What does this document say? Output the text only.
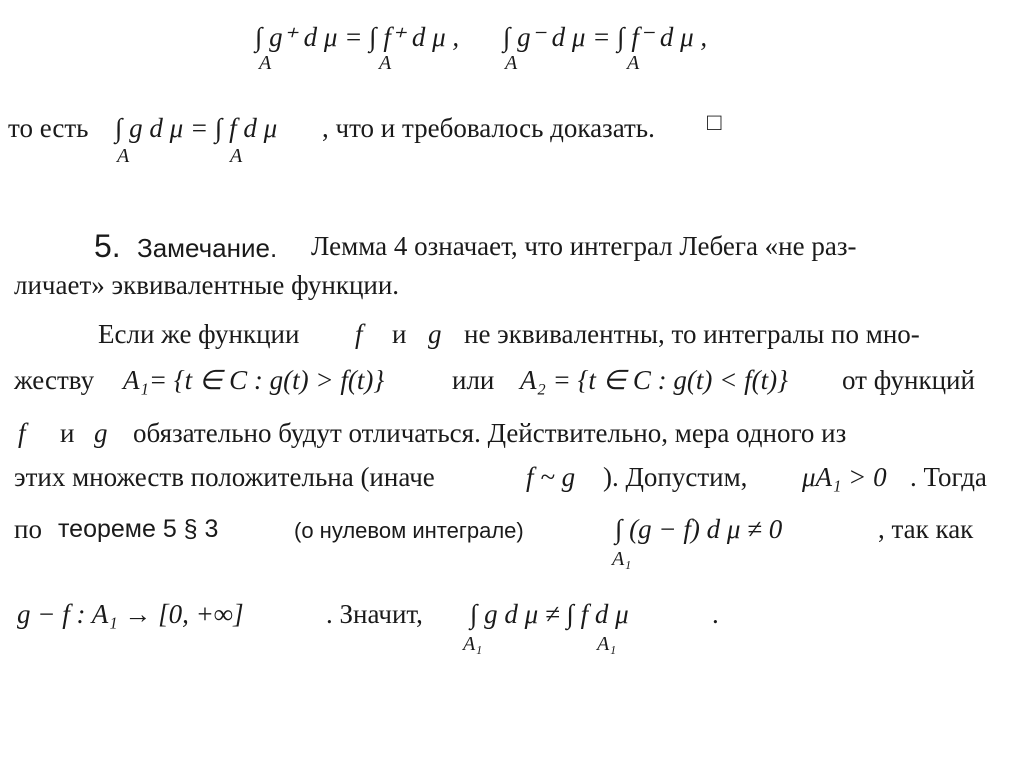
∫ g⁺ d μ = ∫ f⁺ d μ ,
A	A
∫ g⁻ d μ = ∫ f⁻ d μ ,
A	A
то есть ∫ g d μ = ∫ f d μ
A	A
, что и требовалось доказать. □
5. Замечание. Лемма 4 означает, что интеграл Лебега «не раз-
личает» эквивалентные функции.
Если же функции f и g не эквивалентны, то интегралы по мно-
жеству A₁= {t ∈ C : g(t) > f(t)}	или A₂ = {t ∈ C : g(t) < f(t)} от функций
f и g обязательно будут отличаться. Действительно, мера одного из
этих множеств положительна (иначе	f ~ g ). Допустим, μA₁ > 0 . Тогда
по теореме 5 § 3	(о нулевом интеграле)	∫ (g − f) d μ ≠ 0
A₁
, так как
g − f : A₁ → [0, +∞]	. Значит, ∫ g d μ ≠ ∫ f d μ
A₁	A₁
.
